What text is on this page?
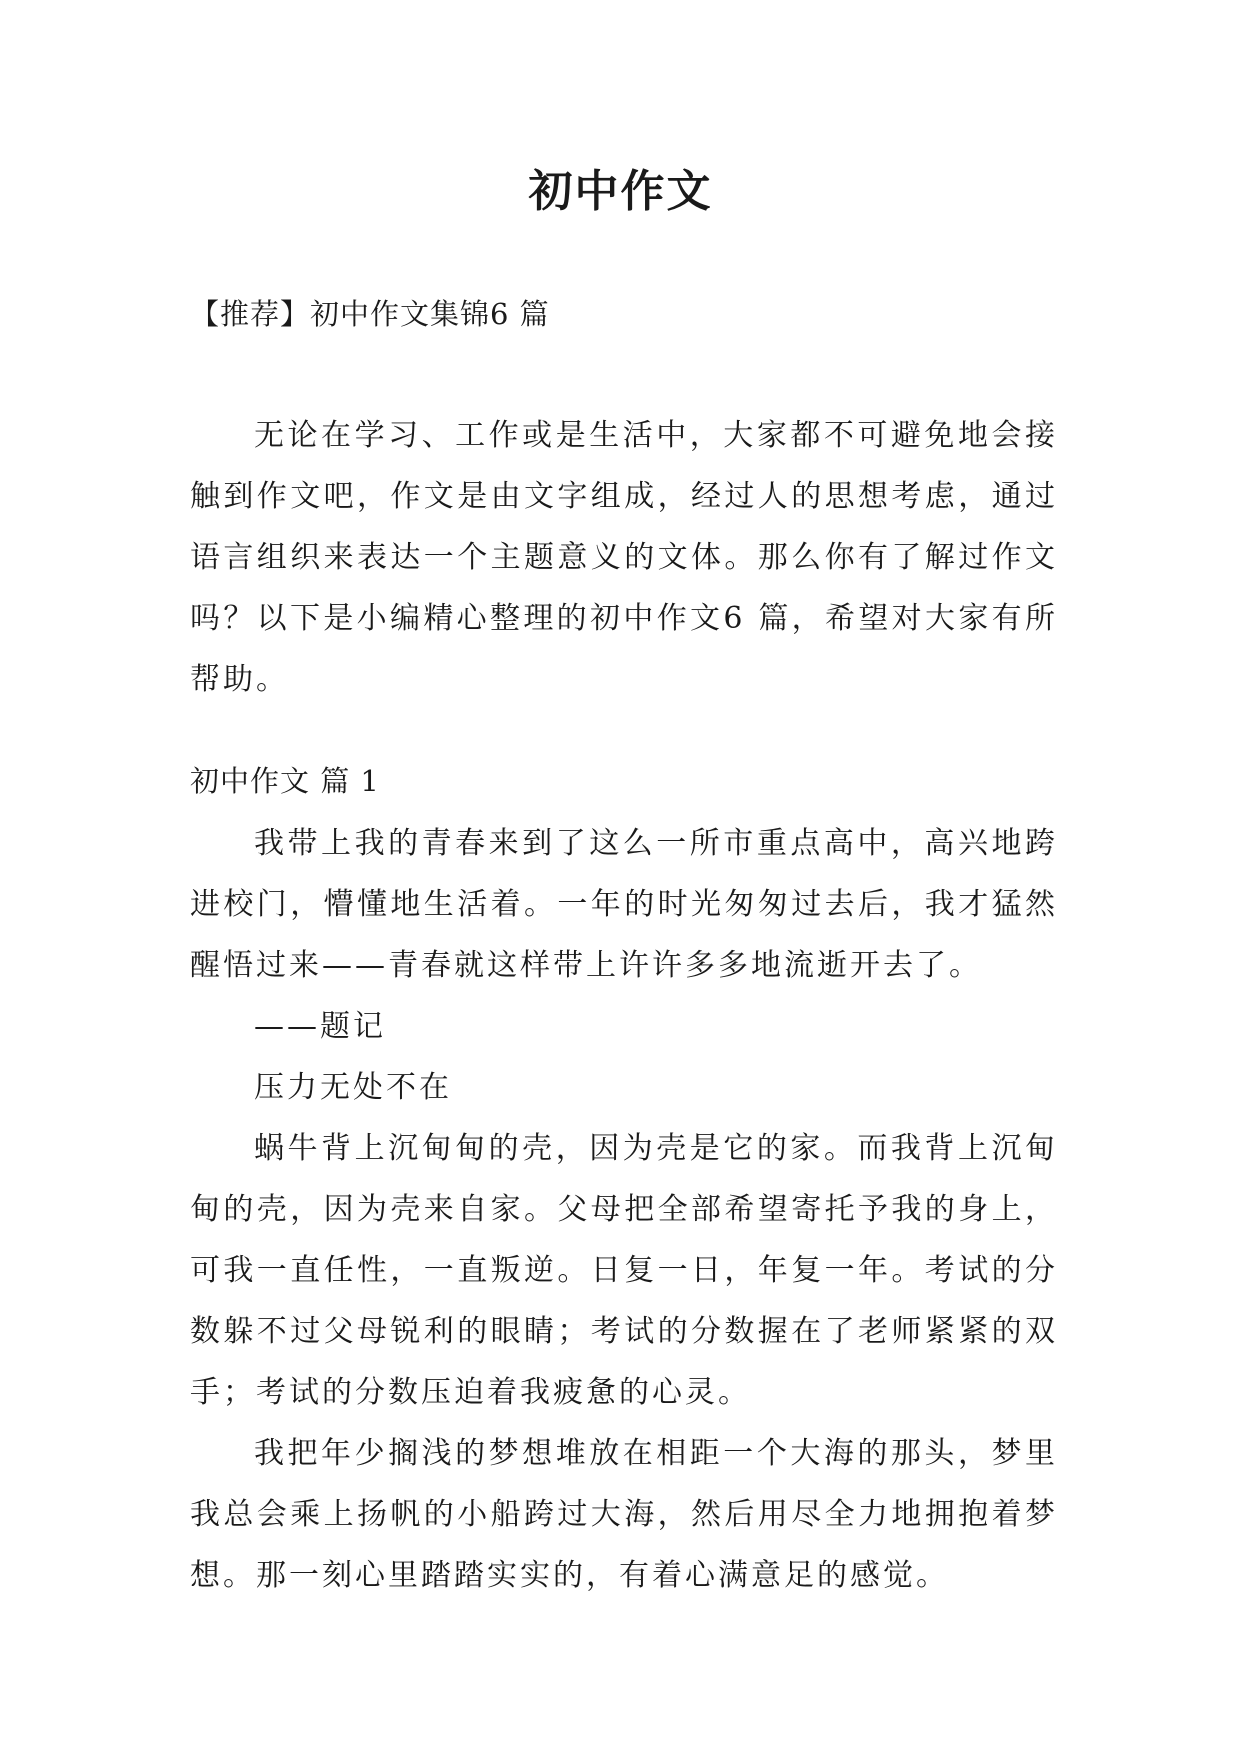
初中作文

【推荐】初中作文集锦6 篇

无论在学习、工作或是生活中，大家都不可避免地会接触到作文吧，作文是由文字组成，经过人的思想考虑，通过语言组织来表达一个主题意义的文体。那么你有了解过作文吗？以下是小编精心整理的初中作文6 篇，希望对大家有所帮助。

初中作文 篇 1

我带上我的青春来到了这么一所市重点高中，高兴地跨进校门，懵懂地生活着。一年的时光匆匆过去后，我才猛然醒悟过来——青春就这样带上许许多多地流逝开去了。

——题记

压力无处不在

蜗牛背上沉甸甸的壳，因为壳是它的家。而我背上沉甸甸的壳，因为壳来自家。父母把全部希望寄托予我的身上，可我一直任性，一直叛逆。日复一日，年复一年。考试的分数躲不过父母锐利的眼睛；考试的分数握在了老师紧紧的双手；考试的分数压迫着我疲惫的心灵。

我把年少搁浅的梦想堆放在相距一个大海的那头，梦里我总会乘上扬帆的小船跨过大海，然后用尽全力地拥抱着梦想。那一刻心里踏踏实实的，有着心满意足的感觉。
